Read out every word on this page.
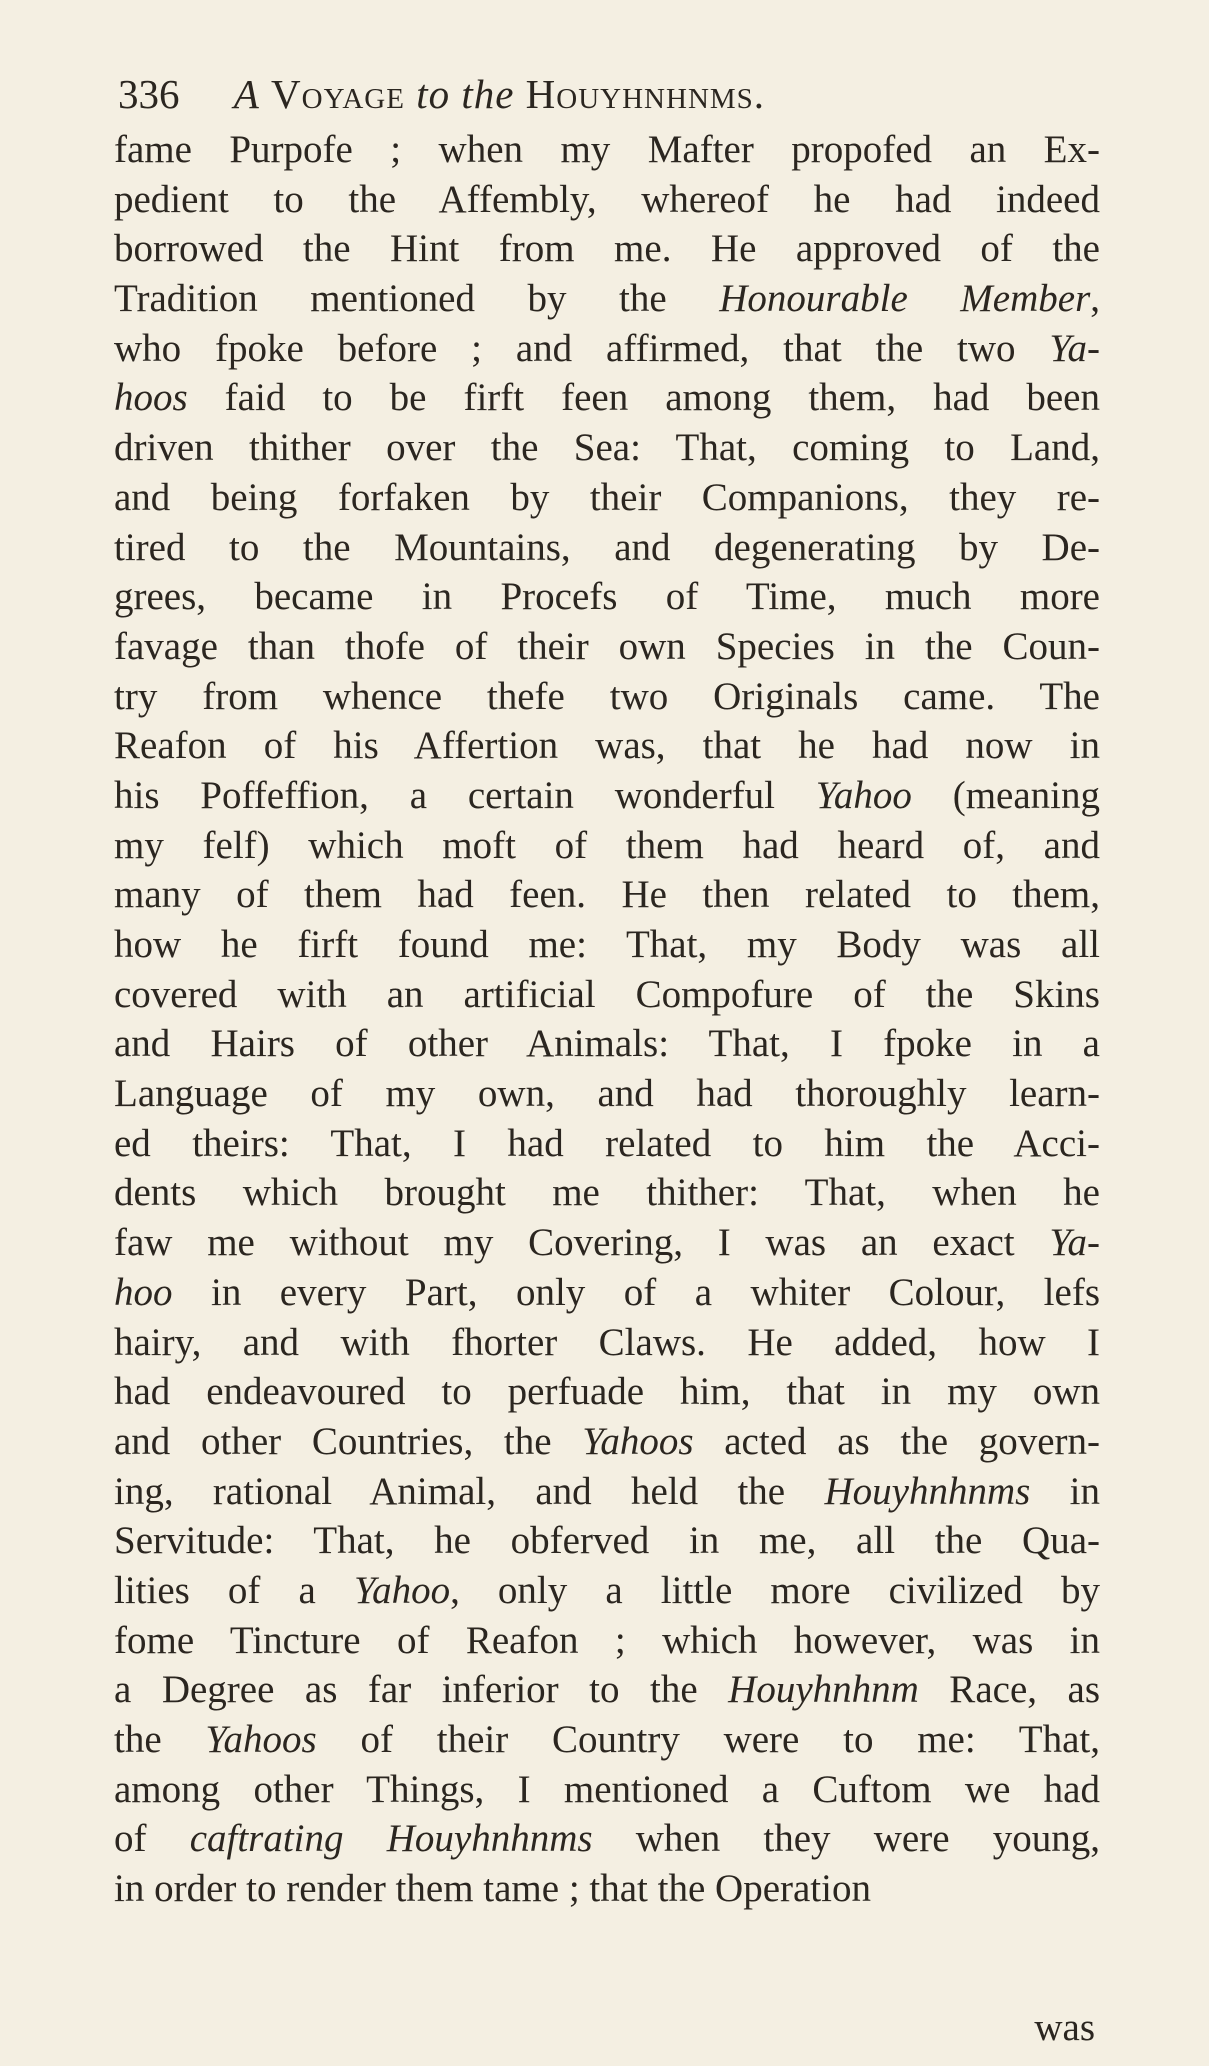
336 A Voyage to the Houyhnhnms.
fame Purpofe ; when my Mafter propofed an Ex-
pedient to the Affembly, whereof he had indeed
borrowed the Hint from me. He approved of the
Tradition mentioned by the Honourable Member,
who fpoke before ; and affirmed, that the two Ya-
hoos faid to be firft feen among them, had been
driven thither over the Sea: That, coming to Land,
and being forfaken by their Companions, they re-
tired to the Mountains, and degenerating by De-
grees, became in Procefs of Time, much more
favage than thofe of their own Species in the Coun-
try from whence thefe two Originals came. The
Reafon of his Affertion was, that he had now in
his Poffeffion, a certain wonderful Yahoo (meaning
my felf) which moft of them had heard of, and
many of them had feen. He then related to them,
how he firft found me: That, my Body was all
covered with an artificial Compofure of the Skins
and Hairs of other Animals: That, I fpoke in a
Language of my own, and had thoroughly learn-
ed theirs: That, I had related to him the Acci-
dents which brought me thither: That, when he
faw me without my Covering, I was an exact Ya-
hoo in every Part, only of a whiter Colour, lefs
hairy, and with fhorter Claws. He added, how I
had endeavoured to perfuade him, that in my own
and other Countries, the Yahoos acted as the govern-
ing, rational Animal, and held the Houyhnhnms in
Servitude: That, he obferved in me, all the Qua-
lities of a Yahoo, only a little more civilized by
fome Tincture of Reafon ; which however, was in
a Degree as far inferior to the Houyhnhnm Race, as
the Yahoos of their Country were to me: That,
among other Things, I mentioned a Cuftom we had
of caftrating Houyhnhnms when they were young,
in order to render them tame ; that the Operation
was
